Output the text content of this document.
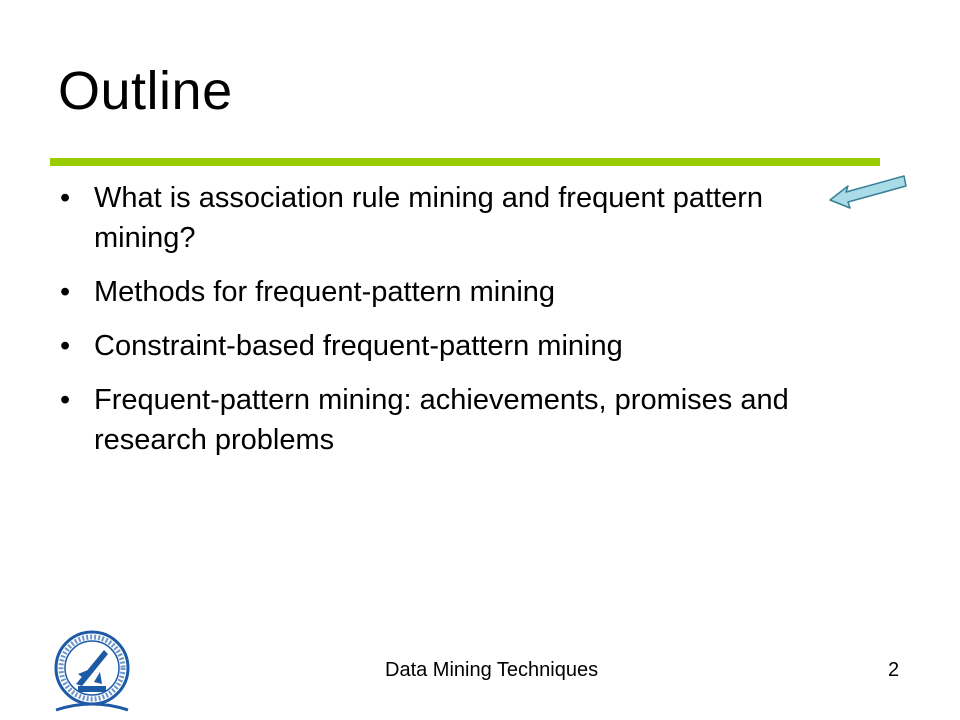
Outline
• What is association rule mining and frequent pattern mining?
• Methods for frequent-pattern mining
• Constraint-based frequent-pattern mining
• Frequent-pattern mining: achievements, promises and research problems
Data Mining Techniques	2
